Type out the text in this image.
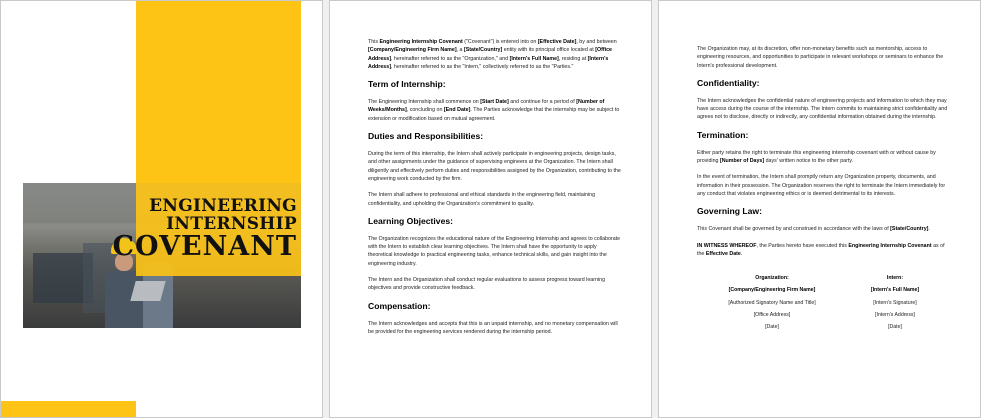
ENGINEERING
INTERNSHIP
COVENANT
This Engineering Internship Covenant ("Covenant") is entered into on [Effective Date], by and between [Company/Engineering Firm Name], a [State/Country] entity with its principal office located at [Office Address], hereinafter referred to as the "Organization," and [Intern's Full Name], residing at [Intern's Address], hereinafter referred to as the "Intern," collectively referred to as the "Parties."
Term of Internship:
The Engineering Internship shall commence on [Start Date] and continue for a period of [Number of Weeks/Months], concluding on [End Date]. The Parties acknowledge that the internship may be subject to extension or modification based on mutual agreement.
Duties and Responsibilities:
During the term of this internship, the Intern shall actively participate in engineering projects, design tasks, and other assignments under the guidance of supervising engineers at the Organization. The Intern shall diligently and effectively perform duties and responsibilities assigned by the Organization, contributing to the engineering work conducted by the firm.
The Intern shall adhere to professional and ethical standards in the engineering field, maintaining confidentiality, and upholding the Organization's commitment to quality.
Learning Objectives:
The Organization recognizes the educational nature of the Engineering Internship and agrees to collaborate with the Intern to establish clear learning objectives. The Intern shall have the opportunity to apply theoretical knowledge to practical engineering tasks, enhance technical skills, and gain insight into the engineering industry.
The Intern and the Organization shall conduct regular evaluations to assess progress toward learning objectives and provide constructive feedback.
Compensation:
The Intern acknowledges and accepts that this is an unpaid internship, and no monetary compensation will be provided for the engineering services rendered during the internship period.
The Organization may, at its discretion, offer non-monetary benefits such as mentorship, access to engineering resources, and opportunities to participate in relevant workshops or seminars to enhance the Intern's professional development.
Confidentiality:
The Intern acknowledges the confidential nature of engineering projects and information to which they may have access during the course of the internship. The Intern commits to maintaining strict confidentiality and agrees not to disclose, directly or indirectly, any confidential information obtained during the internship.
Termination:
Either party retains the right to terminate this engineering internship covenant with or without cause by providing [Number of Days] days' written notice to the other party.
In the event of termination, the Intern shall promptly return any Organization property, documents, and information in their possession. The Organization reserves the right to terminate the Intern immediately for any conduct that violates engineering ethics or is deemed detrimental to its interests.
Governing Law:
This Covenant shall be governed by and construed in accordance with the laws of [State/Country].
IN WITNESS WHEREOF, the Parties hereto have executed this Engineering Internship Covenant as of the Effective Date.
Organization:
[Company/Engineering Firm Name]
[Authorized Signatory Name and Title]
[Office Address]
[Date]
Intern:
[Intern's Full Name]
[Intern's Signature]
[Intern's Address]
[Date]
